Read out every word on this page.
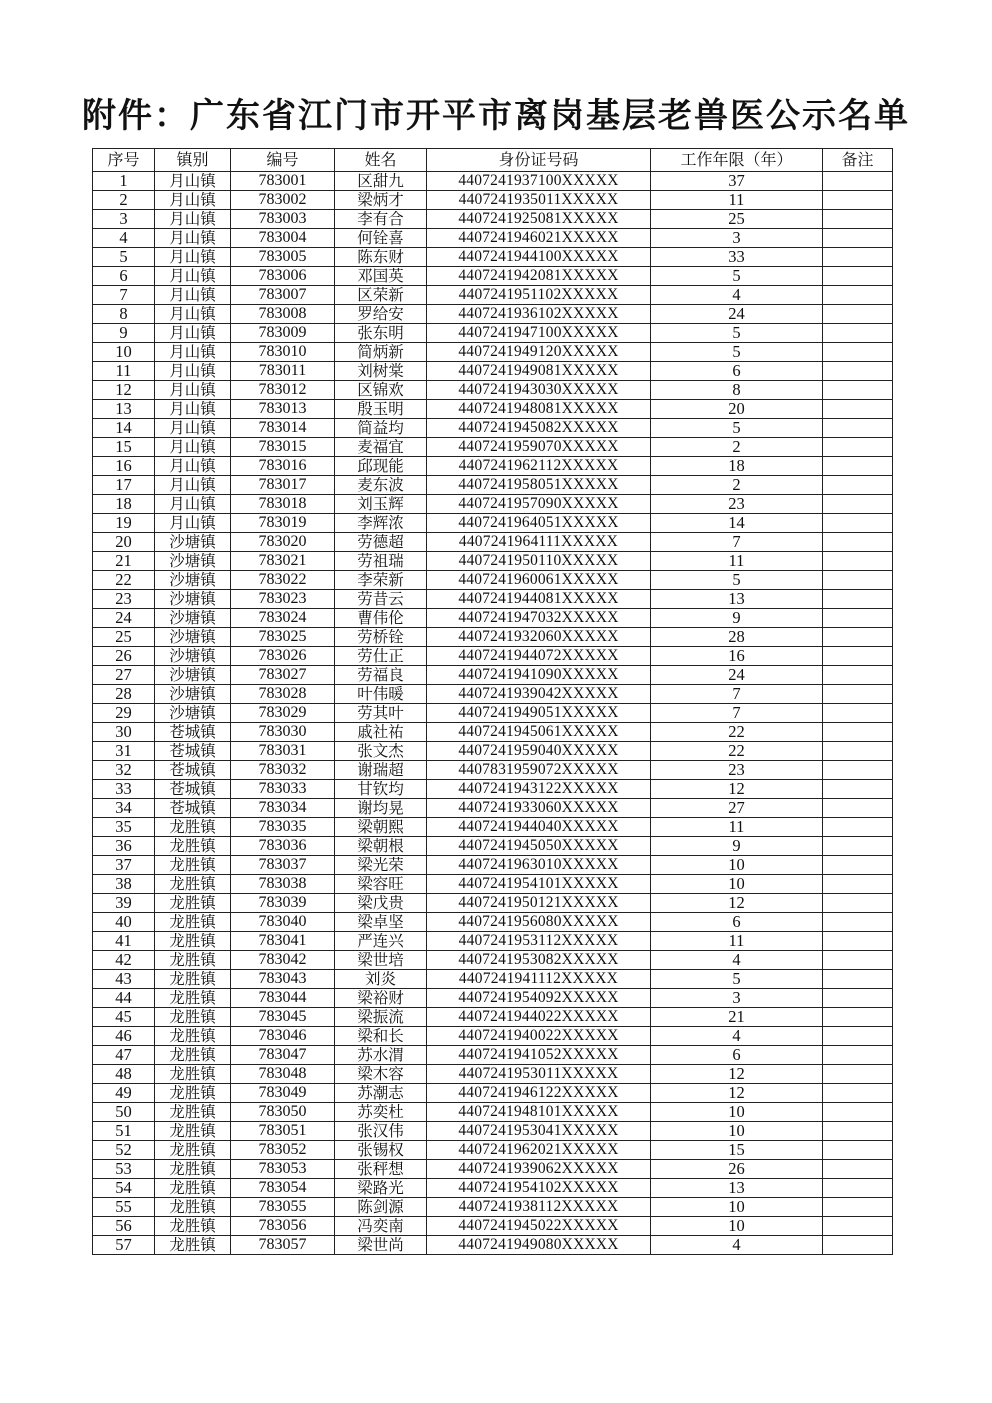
附件：广东省江门市开平市离岗基层老兽医公示名单
序号	镇别	编号	姓名	身份证号码	工作年限（年）	备注
1	月山镇	783001	区甜九	4407241937100XXXXX	37	
2	月山镇	783002	梁炳才	4407241935011XXXXX	11	
3	月山镇	783003	李有合	4407241925081XXXXX	25	
4	月山镇	783004	何铨喜	4407241946021XXXXX	3	
5	月山镇	783005	陈东财	4407241944100XXXXX	33	
6	月山镇	783006	邓国英	4407241942081XXXXX	5	
7	月山镇	783007	区荣新	4407241951102XXXXX	4	
8	月山镇	783008	罗给安	4407241936102XXXXX	24	
9	月山镇	783009	张东明	4407241947100XXXXX	5	
10	月山镇	783010	简炳新	4407241949120XXXXX	5	
11	月山镇	783011	刘树棠	4407241949081XXXXX	6	
12	月山镇	783012	区锦欢	4407241943030XXXXX	8	
13	月山镇	783013	殷玉明	4407241948081XXXXX	20	
14	月山镇	783014	简益均	4407241945082XXXXX	5	
15	月山镇	783015	麦福宜	4407241959070XXXXX	2	
16	月山镇	783016	邱现能	4407241962112XXXXX	18	
17	月山镇	783017	麦东波	4407241958051XXXXX	2	
18	月山镇	783018	刘玉辉	4407241957090XXXXX	23	
19	月山镇	783019	李辉浓	4407241964051XXXXX	14	
20	沙塘镇	783020	劳德超	4407241964111XXXXX	7	
21	沙塘镇	783021	劳祖瑞	4407241950110XXXXX	11	
22	沙塘镇	783022	李荣新	4407241960061XXXXX	5	
23	沙塘镇	783023	劳昔云	4407241944081XXXXX	13	
24	沙塘镇	783024	曹伟伦	4407241947032XXXXX	9	
25	沙塘镇	783025	劳桥铨	4407241932060XXXXX	28	
26	沙塘镇	783026	劳仕正	4407241944072XXXXX	16	
27	沙塘镇	783027	劳福良	4407241941090XXXXX	24	
28	沙塘镇	783028	叶伟暖	4407241939042XXXXX	7	
29	沙塘镇	783029	劳其叶	4407241949051XXXXX	7	
30	苍城镇	783030	戚社祐	4407241945061XXXXX	22	
31	苍城镇	783031	张文杰	4407241959040XXXXX	22	
32	苍城镇	783032	谢瑞超	4407831959072XXXXX	23	
33	苍城镇	783033	甘钦均	4407241943122XXXXX	12	
34	苍城镇	783034	谢均晃	4407241933060XXXXX	27	
35	龙胜镇	783035	梁朝熙	4407241944040XXXXX	11	
36	龙胜镇	783036	梁朝根	4407241945050XXXXX	9	
37	龙胜镇	783037	梁光荣	4407241963010XXXXX	10	
38	龙胜镇	783038	梁容旺	4407241954101XXXXX	10	
39	龙胜镇	783039	梁戊贵	4407241950121XXXXX	12	
40	龙胜镇	783040	梁卓坚	4407241956080XXXXX	6	
41	龙胜镇	783041	严连兴	4407241953112XXXXX	11	
42	龙胜镇	783042	梁世培	4407241953082XXXXX	4	
43	龙胜镇	783043	刘炎	4407241941112XXXXX	5	
44	龙胜镇	783044	梁裕财	4407241954092XXXXX	3	
45	龙胜镇	783045	梁振流	4407241944022XXXXX	21	
46	龙胜镇	783046	梁和长	4407241940022XXXXX	4	
47	龙胜镇	783047	苏水渭	4407241941052XXXXX	6	
48	龙胜镇	783048	梁木容	4407241953011XXXXX	12	
49	龙胜镇	783049	苏潮志	4407241946122XXXXX	12	
50	龙胜镇	783050	苏奕杜	4407241948101XXXXX	10	
51	龙胜镇	783051	张汉伟	4407241953041XXXXX	10	
52	龙胜镇	783052	张锡权	4407241962021XXXXX	15	
53	龙胜镇	783053	张秤想	4407241939062XXXXX	26	
54	龙胜镇	783054	梁路光	4407241954102XXXXX	13	
55	龙胜镇	783055	陈剑源	4407241938112XXXXX	10	
56	龙胜镇	783056	冯奕南	4407241945022XXXXX	10	
57	龙胜镇	783057	梁世尚	4407241949080XXXXX	4	
